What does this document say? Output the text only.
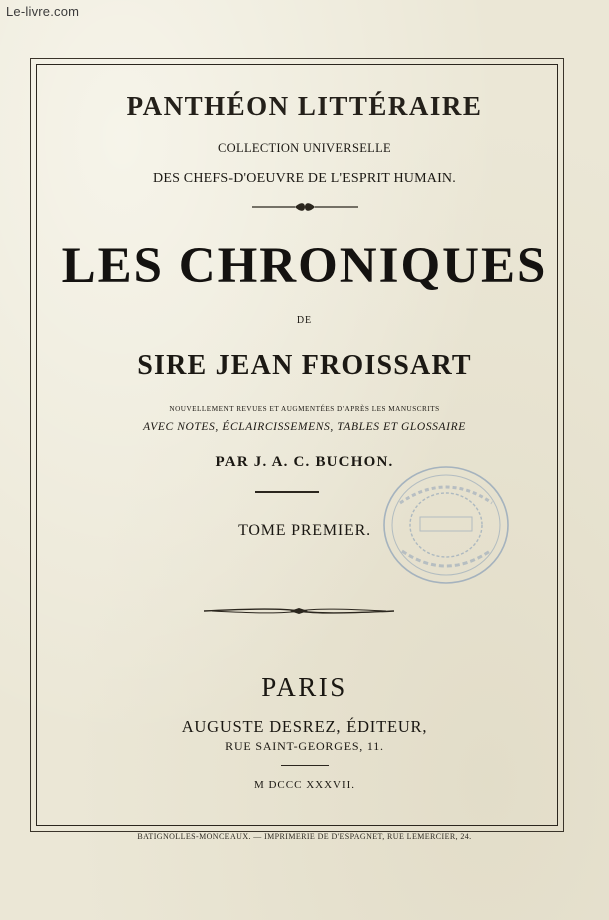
Le-livre.com
PANTHÉON LITTÉRAIRE
COLLECTION UNIVERSELLE
DES CHEFS-D'OEUVRE DE L'ESPRIT HUMAIN.
LES CHRONIQUES
DE
SIRE JEAN FROISSART
NOUVELLEMENT REVUES ET AUGMENTÉES D'APRÈS LES MANUSCRITS
AVEC NOTES, ÉCLAIRCISSEMENS, TABLES ET GLOSSAIRE
PAR J. A. C. BUCHON.
TOME PREMIER.
PARIS
AUGUSTE DESREZ, ÉDITEUR,
RUE SAINT-GEORGES, 11.
M DCCC XXXVII.
BATIGNOLLES-MONCEAUX. — IMPRIMERIE DE D'ESPAGNET, RUE LEMERCIER, 24.
